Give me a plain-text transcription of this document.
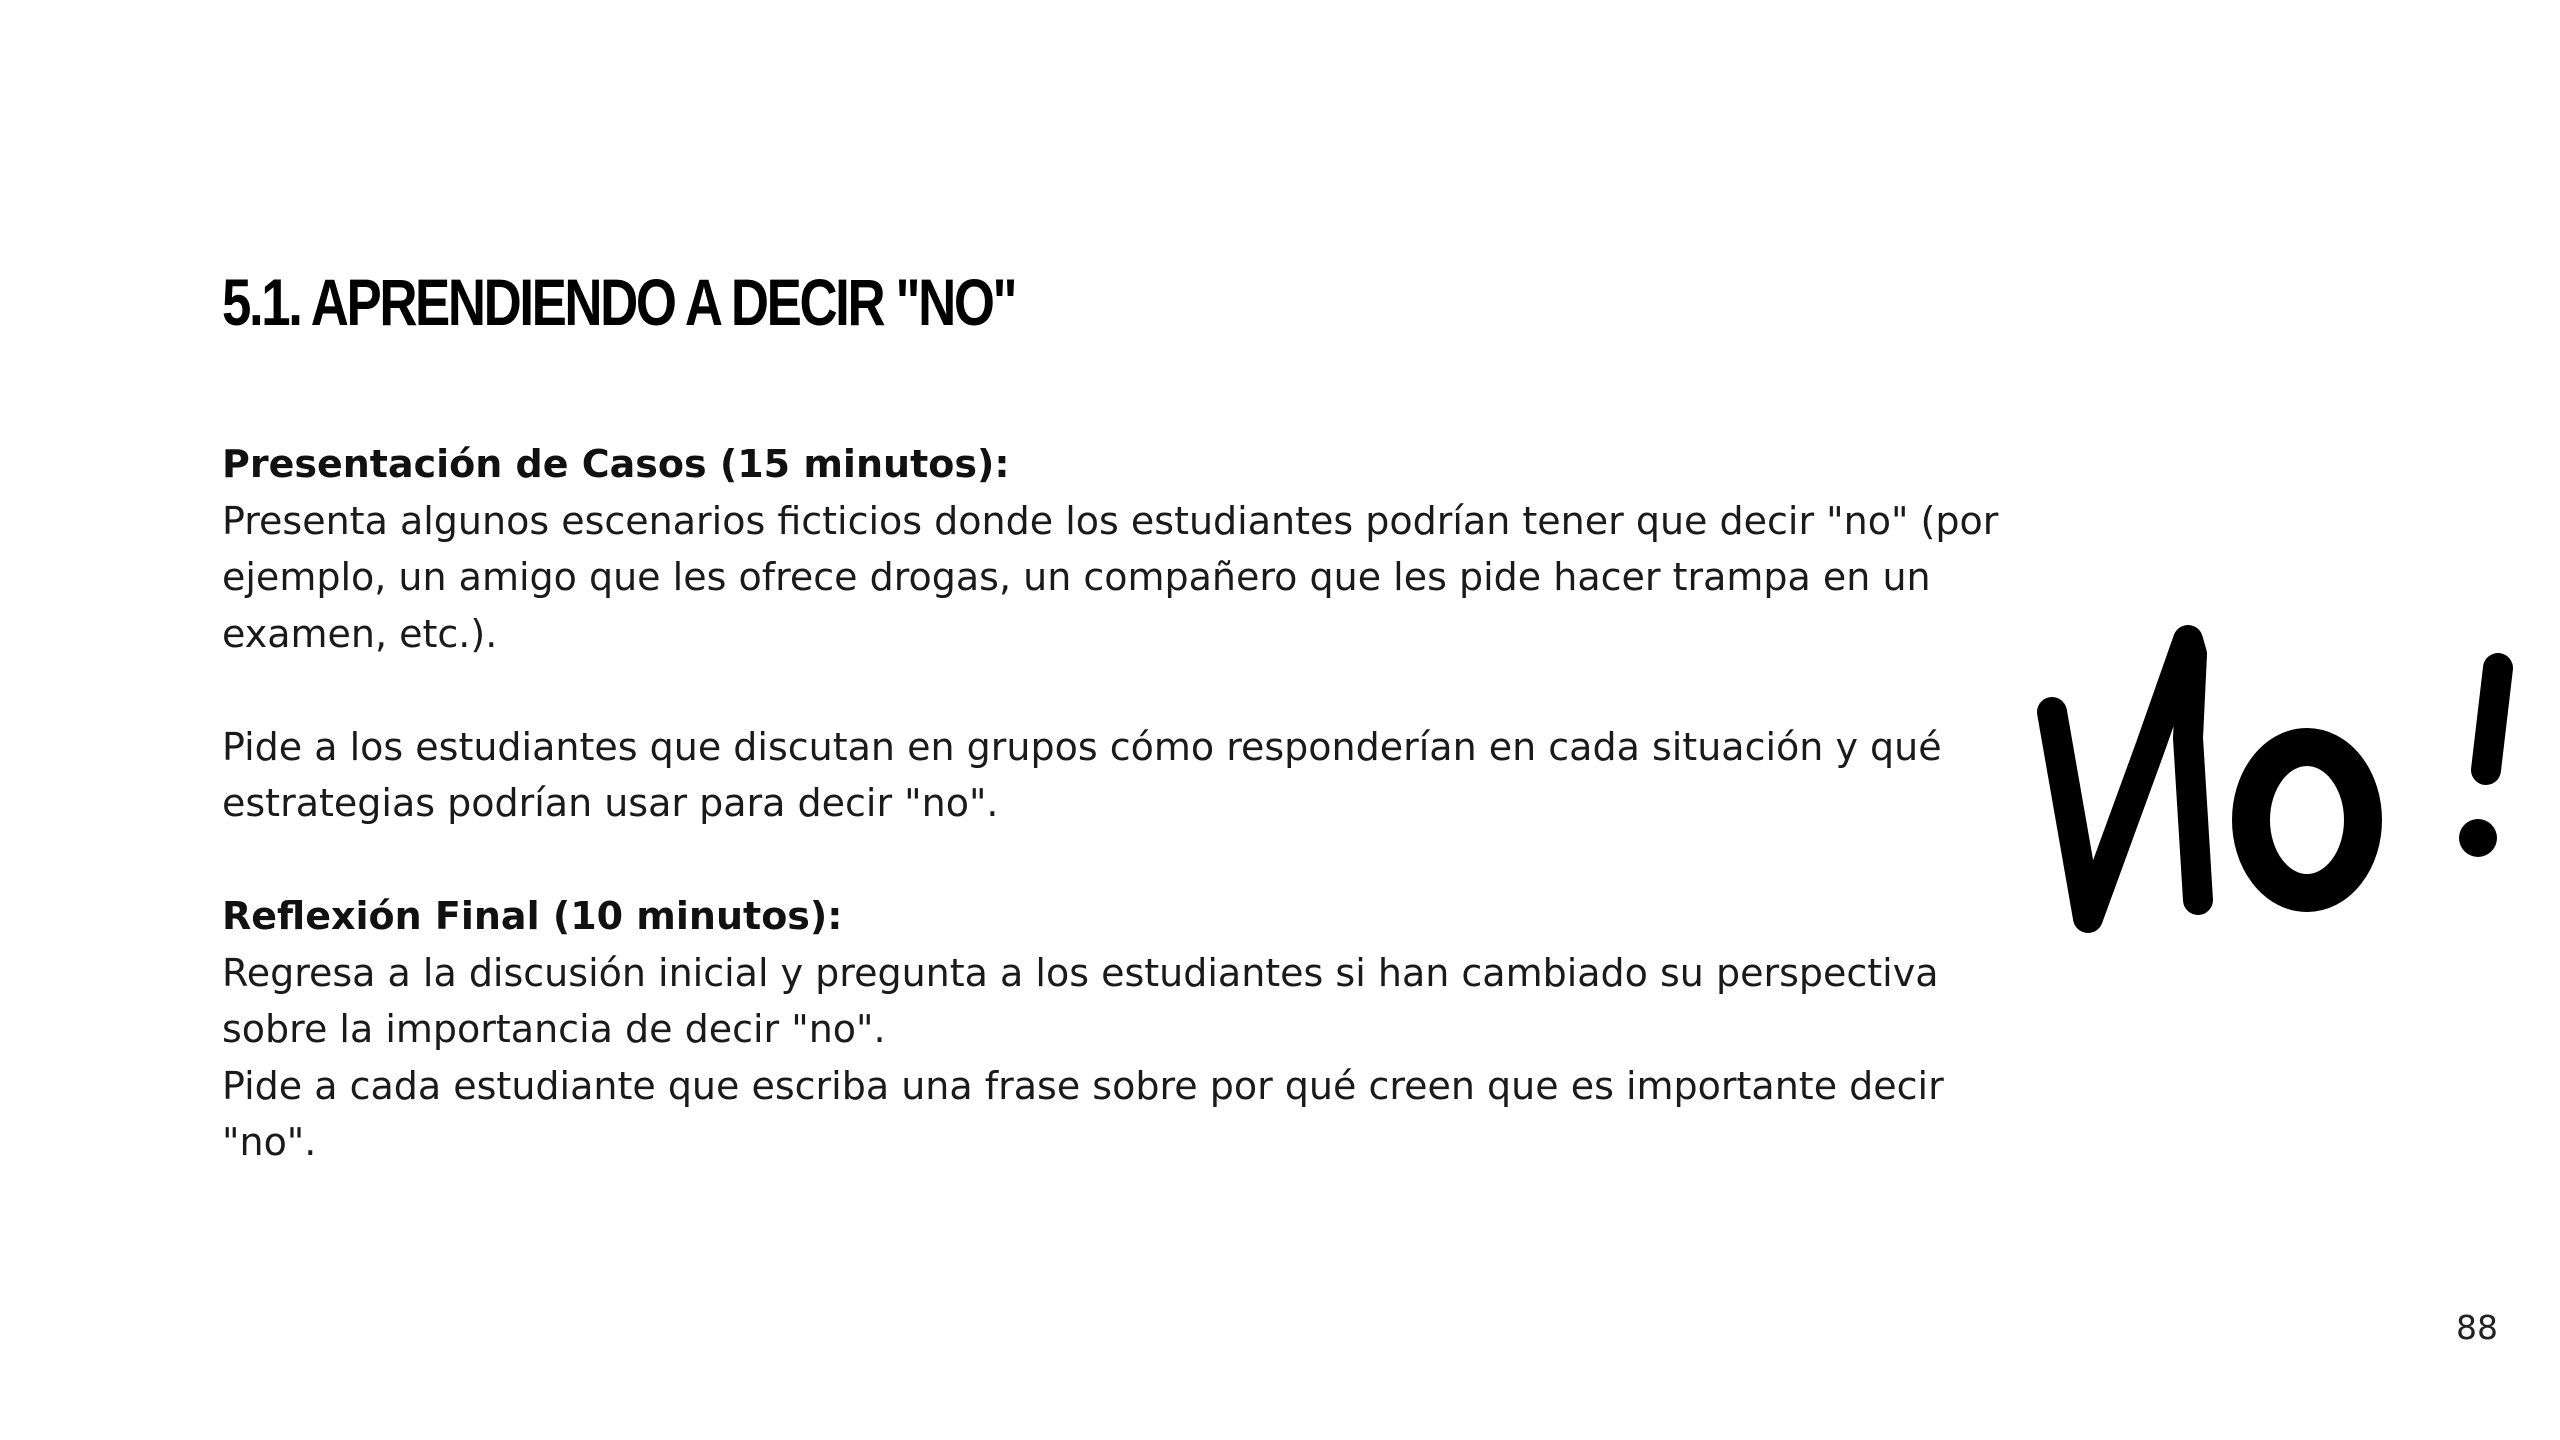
5.1. APRENDIENDO A DECIR "NO"

Presentación de Casos (15 minutos):

Presenta algunos escenarios ficticios donde los estudiantes podrían tener que decir "no" (por ejemplo, un amigo que les ofrece drogas, un compañero que les pide hacer trampa en un examen, etc.).

Pide a los estudiantes que discutan en grupos cómo responderían en cada situación y qué estrategias podrían usar para decir "no".

Reflexión Final (10 minutos):

Regresa a la discusión inicial y pregunta a los estudiantes si han cambiado su perspectiva sobre la importancia de decir "no".

Pide a cada estudiante que escriba una frase sobre por qué creen que es importante decir "no".

88
